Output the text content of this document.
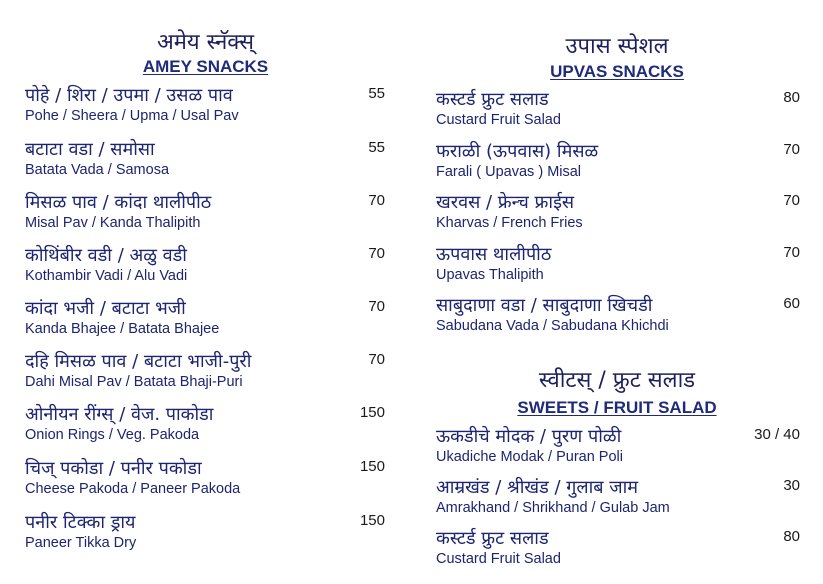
अमेय स्नॅक्स्
AMEY SNACKS
पोहे / शिरा / उपमा / उसळ पाव
Pohe / Sheera / Upma / Usal Pav
55
बटाटा वडा / समोसा
Batata Vada / Samosa
55
मिसळ पाव / कांदा थालीपीठ
Misal Pav / Kanda Thalipith
70
कोथिंबीर वडी / अळु वडी
Kothambir Vadi / Alu Vadi
70
कांदा भजी / बटाटा भजी
Kanda Bhajee / Batata Bhajee
70
दहि मिसळ पाव / बटाटा भाजी-पुरी
Dahi Misal Pav / Batata Bhaji-Puri
70
ओनीयन रींग्स् / वेज. पाकोडा
Onion Rings / Veg. Pakoda
150
चिज् पकोडा / पनीर पकोडा
Cheese Pakoda / Paneer Pakoda
150
पनीर टिक्का ड्राय
Paneer Tikka Dry
150
उपास स्पेशल
UPVAS SNACKS
कस्टर्ड फ्रुट सलाड
Custard Fruit Salad
80
फराळी (ऊपवास) मिसळ
Farali ( Upavas ) Misal
70
खरवस / फ्रेन्च फ्राईस
Kharvas / French Fries
70
ऊपवास थालीपीठ
Upavas Thalipith
70
साबुदाणा वडा / साबुदाणा खिचडी
Sabudana Vada / Sabudana Khichdi
60
स्वीटस् / फ्रुट सलाड
SWEETS / FRUIT SALAD
ऊकडीचे मोदक / पुरण पोळी
Ukadiche Modak / Puran Poli
30 / 40
आम्रखंड / श्रीखंड / गुलाब जाम
Amrakhand / Shrikhand / Gulab Jam
30
कस्टर्ड फ्रुट सलाड
Custard Fruit Salad
80
